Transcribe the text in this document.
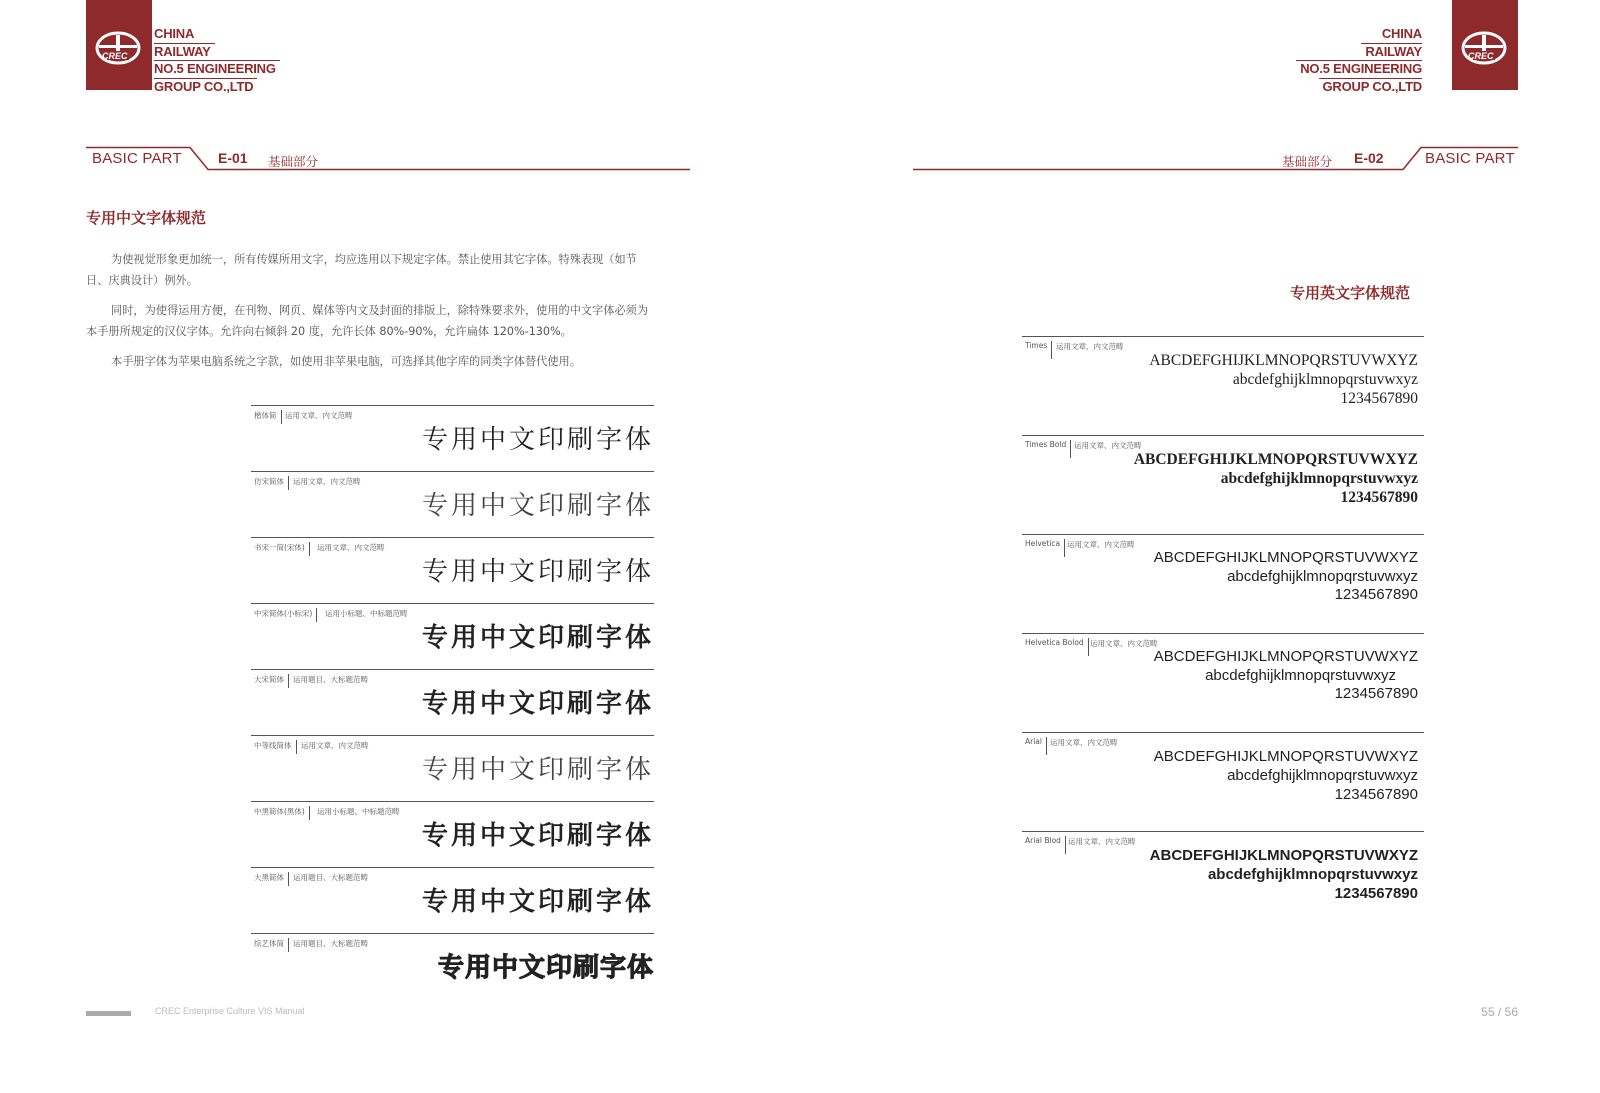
CREC
CHINA
RAILWAY
NO.5 ENGINEERING
GROUP CO.,LTD
CHINA
RAILWAY
NO.5 ENGINEERING
GROUP CO.,LTD
CREC
BASIC PART	E-01 基础部分	基础部分 E-02	BASIC PART
专用中文字体规范
为使视觉形象更加统一，所有传媒所用文字，均应选用以下规定字体。禁止使用其它字体。特殊表现（如节日、庆典设计）例外。
同时，为使得运用方便，在刊物、网页、媒体等内文及封面的排版上，除特殊要求外，使用的中文字体必须为本手册所规定的汉仪字体。允许向右倾斜 20 度，允许长体 80%-90%，允许扁体 120%-130%。
本手册字体为苹果电脑系统之字款，如使用非苹果电脑，可选择其他字库的同类字体替代使用。
楷体简	运用文章、内文范畴
专用中文印刷字体
仿宋简体	运用文章、内文范畴
专用中文印刷字体
书宋一简(宋体)	运用文章、内文范畴
专用中文印刷字体
中宋简体(小标宋)	运用小标题、中标题范畴
专用中文印刷字体
大宋简体	运用题目、大标题范畴
专用中文印刷字体
中等线简体	运用文章、内文范畴
专用中文印刷字体
中黑简体(黑体)	运用小标题、中标题范畴
专用中文印刷字体
大黑简体	运用题目、大标题范畴
专用中文印刷字体
综艺体简	运用题目、大标题范畴
专用中文印刷字体
专用英文字体规范
Times	运用文章、内文范畴
ABCDEFGHIJKLMNOPQRSTUVWXYZ
abcdefghijklmnopqrstuvwxyz
1234567890
Times Bold	运用文章、内文范畴
ABCDEFGHIJKLMNOPQRSTUVWXYZ
abcdefghijklmnopqrstuvwxyz
1234567890
Helvetica 运用文章、内文范畴
ABCDEFGHIJKLMNOPQRSTUVWXYZ
abcdefghijklmnopqrstuvwxyz
1234567890
Helvetica Bolod 运用文章、内文范畴
ABCDEFGHIJKLMNOPQRSTUVWXYZ
abcdefghijklmnopqrstuvwxyz
1234567890
Arial	运用文章、内文范畴
ABCDEFGHIJKLMNOPQRSTUVWXYZ
abcdefghijklmnopqrstuvwxyz
1234567890
Arial Blod 运用文章、内文范畴
ABCDEFGHIJKLMNOPQRSTUVWXYZ
abcdefghijklmnopqrstuvwxyz
1234567890
CREC Enterprise Culture VIS Manual	55 / 56
